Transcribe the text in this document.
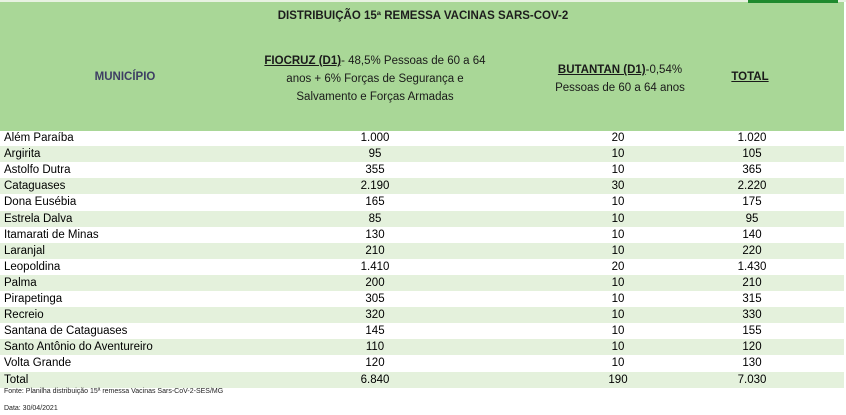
DISTRIBUIÇÃO 15ª REMESSA VACINAS SARS-COV-2
MUNICÍPIO
FIOCRUZ (D1)- 48,5% Pessoas de 60 a 64
anos + 6% Forças de Segurança e
Salvamento e Forças Armadas
BUTANTAN (D1)-0,54%
Pessoas de 60 a 64 anos
TOTAL
Além Paraíba	1.000	20	1.020
Argirita	95	10	105
Astolfo Dutra	355	10	365
Cataguases	2.190	30	2.220
Dona Eusébia	165	10	175
Estrela Dalva	85	10	95
Itamarati de Minas	130	10	140
Laranjal	210	10	220
Leopoldina	1.410	20	1.430
Palma	200	10	210
Pirapetinga	305	10	315
Recreio	320	10	330
Santana de Cataguases	145	10	155
Santo Antônio do Aventureiro	110	10	120
Volta Grande	120	10	130
Total	6.840	190	7.030
Fonte: Planilha distribuição 15ª remessa Vacinas Sars-CoV-2-SES/MG
Data: 30/04/2021
